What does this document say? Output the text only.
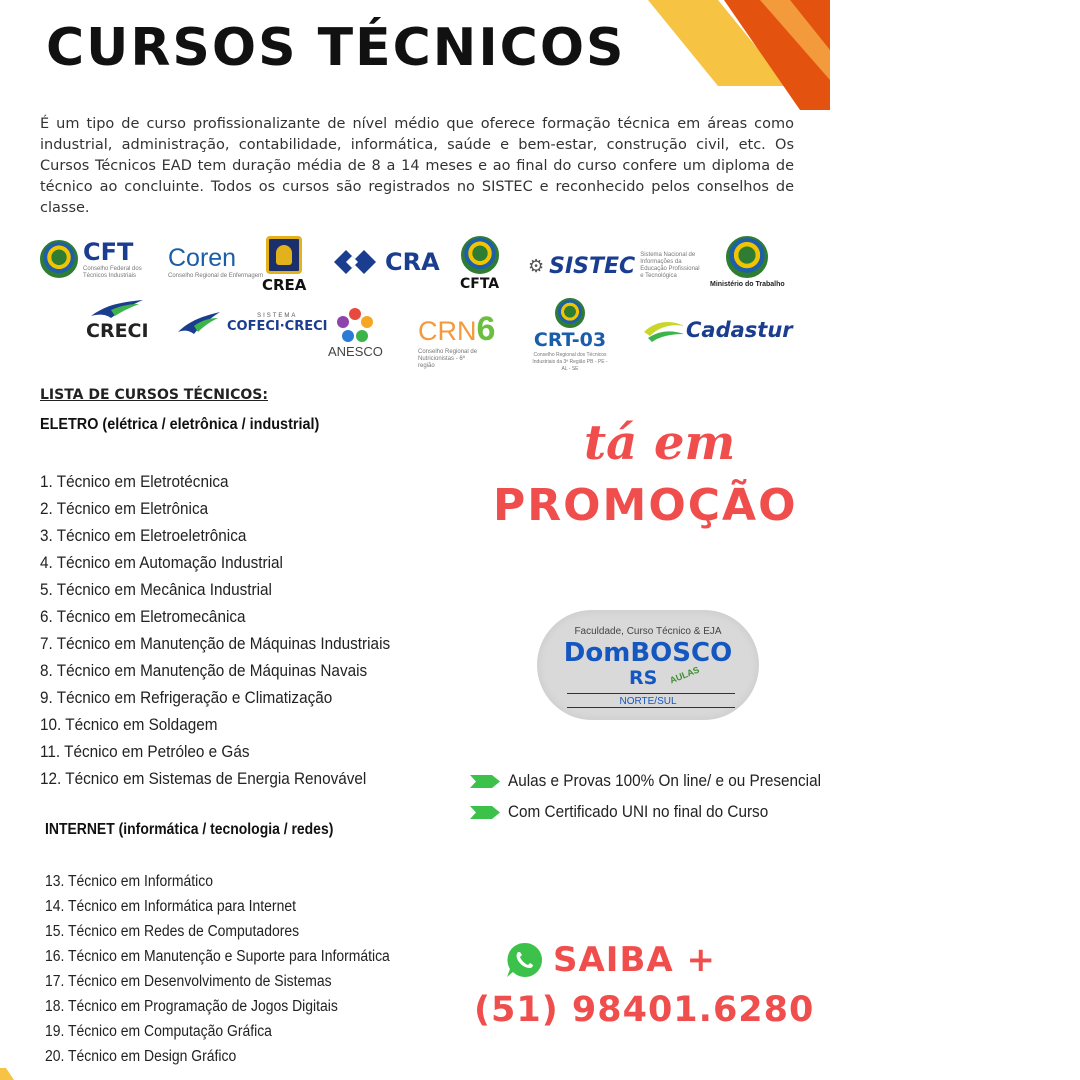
CURSOS TÉCNICOS

É um tipo de curso profissionalizante de nível médio que oferece formação técnica em áreas como industrial, administração, contabilidade, informática, saúde e bem-estar, construção civil, etc. Os Cursos Técnicos EAD tem duração média de 8 a 14 meses e ao final do curso confere um diploma de técnico ao concluinte. Todos os cursos são registrados no SISTEC e reconhecido pelos conselhos de classe.

CFT
Conselho Federal dos Técnicos Industriais
Coren
Conselho Regional de Enfermagem
CREA
CRA
CFTA
⚙ SISTEC Sistema Nacional de Informações da Educação Profissional e Tecnológica
Ministério do Trabalho
CRECI
SISTEMA
COFECI·CRECI
ANESCO
CRN 6
Conselho Regional de Nutricionistas - 6ª região
CRT-03
Conselho Regional dos Técnicos Industriais da 3ª Região PB - PE - AL - SE
Cadastur
LISTA DE CURSOS TÉCNICOS:
ELETRO (elétrica / eletrônica / industrial)
1. Técnico em Eletrotécnica
2. Técnico em Eletrônica
3. Técnico em Eletroeletrônica
4. Técnico em Automação Industrial
5. Técnico em Mecânica Industrial
6. Técnico em Eletromecânica
7. Técnico em Manutenção de Máquinas Industriais
8. Técnico em Manutenção de Máquinas Navais
9. Técnico em Refrigeração e Climatização
10. Técnico em Soldagem
11. Técnico em Petróleo e Gás
12. Técnico em Sistemas de Energia Renovável
INTERNET (informática / tecnologia / redes)
13. Técnico em Informático
14. Técnico em Informática para Internet
15. Técnico em Redes de Computadores
16. Técnico em Manutenção e Suporte para Informática
17. Técnico em Desenvolvimento de Sistemas
18. Técnico em Programação de Jogos Digitais
19. Técnico em Computação Gráfica
20. Técnico em Design Gráfico
tá em
PROMOÇÃO
Faculdade, Curso Técnico & EJA
DomBOSCO
RS AULAS
NORTE/SUL
Aulas e Provas 100% On line/ e ou Presencial
Com Certificado UNI no final do Curso
SAIBA +
(51) 98401.6280
